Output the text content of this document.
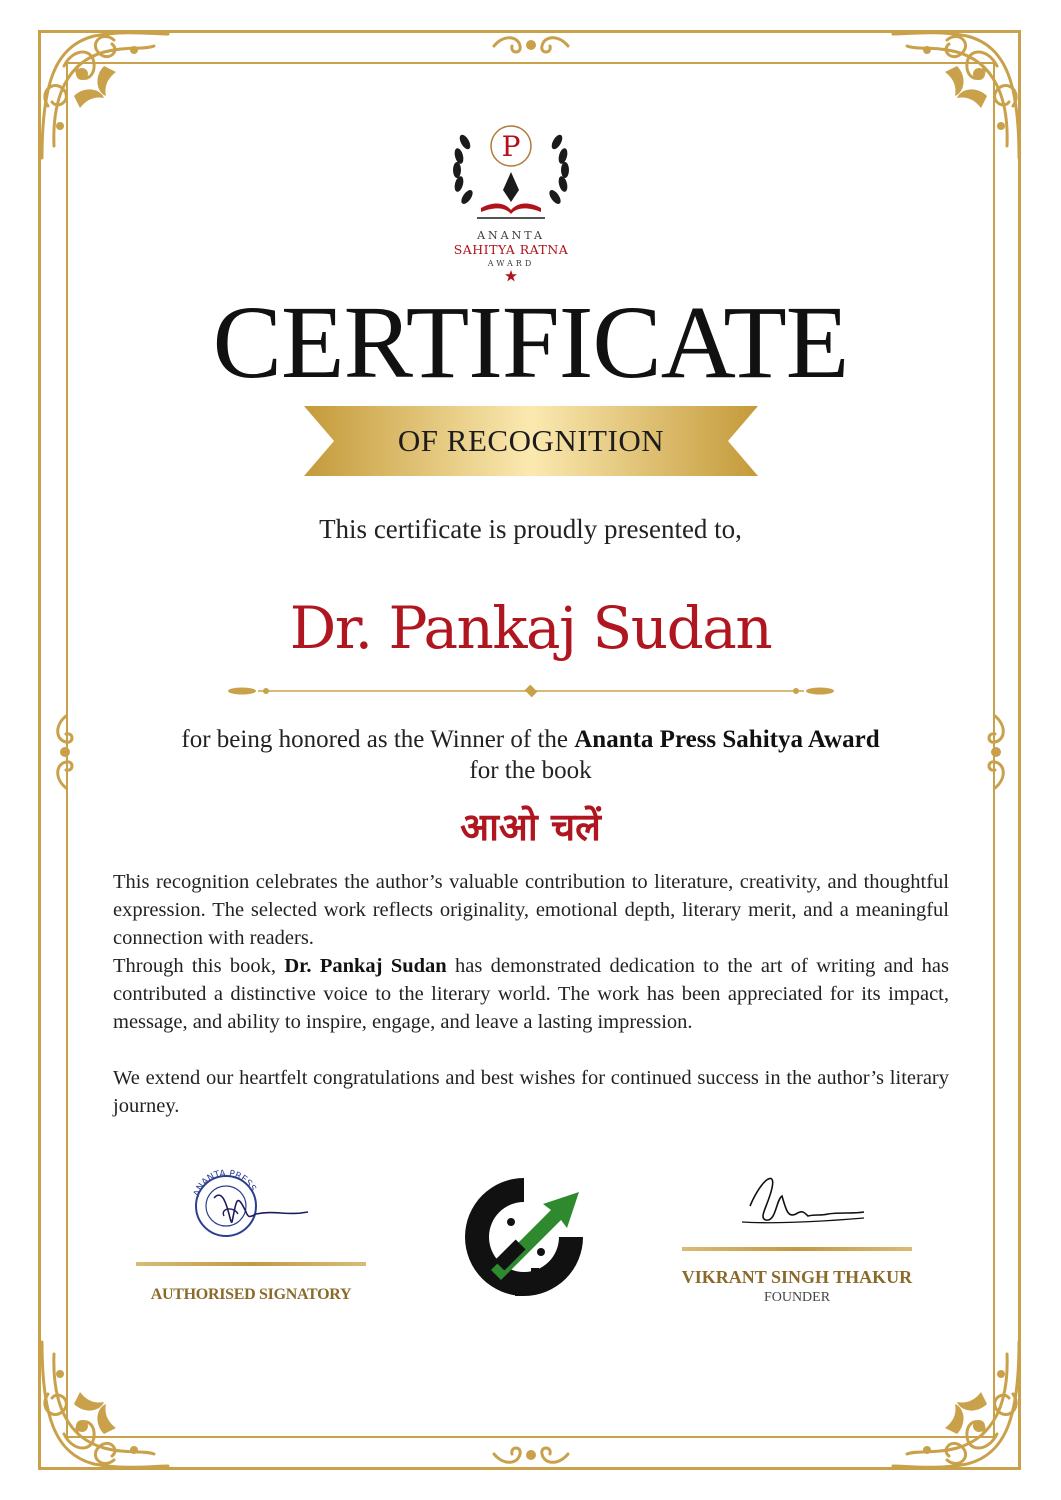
P
ANANTA
SAHITYA RATNA
AWARD
CERTIFICATE
OF RECOGNITION
This certificate is proudly presented to,
Dr. Pankaj Sudan
for being honored as the Winner of the Ananta Press Sahitya Award
for the book
आओ चलें

This recognition celebrates the author’s valuable contribution to literature, creativity, and thoughtful expression. The selected work reflects originality, emotional depth, literary merit, and a meaningful connection with readers.

Through this book, Dr. Pankaj Sudan has demonstrated dedication to the art of writing and has contributed a distinctive voice to the literary world. The work has been appreciated for its impact, message, and ability to inspire, engage, and leave a lasting impression.

We extend our heartfelt congratulations and best wishes for continued success in the author’s literary journey.

ANANTA PRESS
AUTHORISED SIGNATORY
VIKRANT SINGH THAKUR
FOUNDER
